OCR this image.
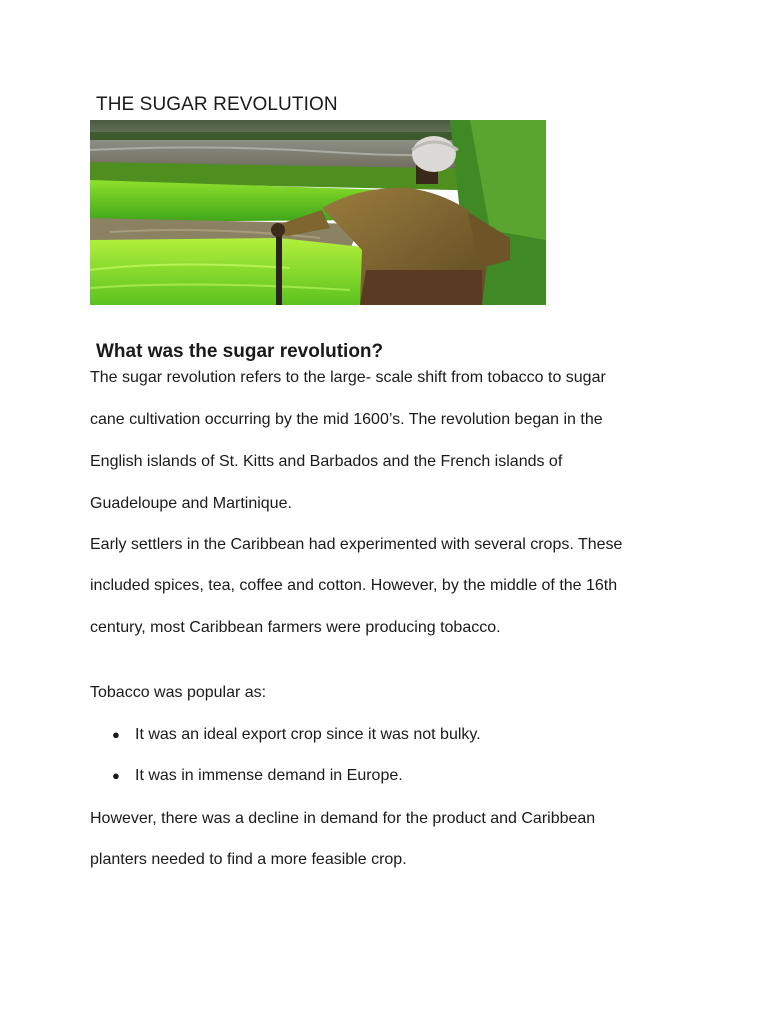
THE SUGAR REVOLUTION
What was the sugar revolution?

The sugar revolution refers to the large- scale shift from tobacco to sugar

cane cultivation occurring by the mid 1600’s. The revolution began in the

English islands of St. Kitts and Barbados and the French islands of

Guadeloupe and Martinique.

Early settlers in the Caribbean had experimented with several crops. These

included spices, tea, coffee and cotton. However, by the middle of the 16th

century, most Caribbean farmers were producing tobacco.

Tobacco was popular as:

● It was an ideal export crop since it was not bulky.
● It was in immense demand in Europe.

However, there was a decline in demand for the product and Caribbean

planters needed to find a more feasible crop.
